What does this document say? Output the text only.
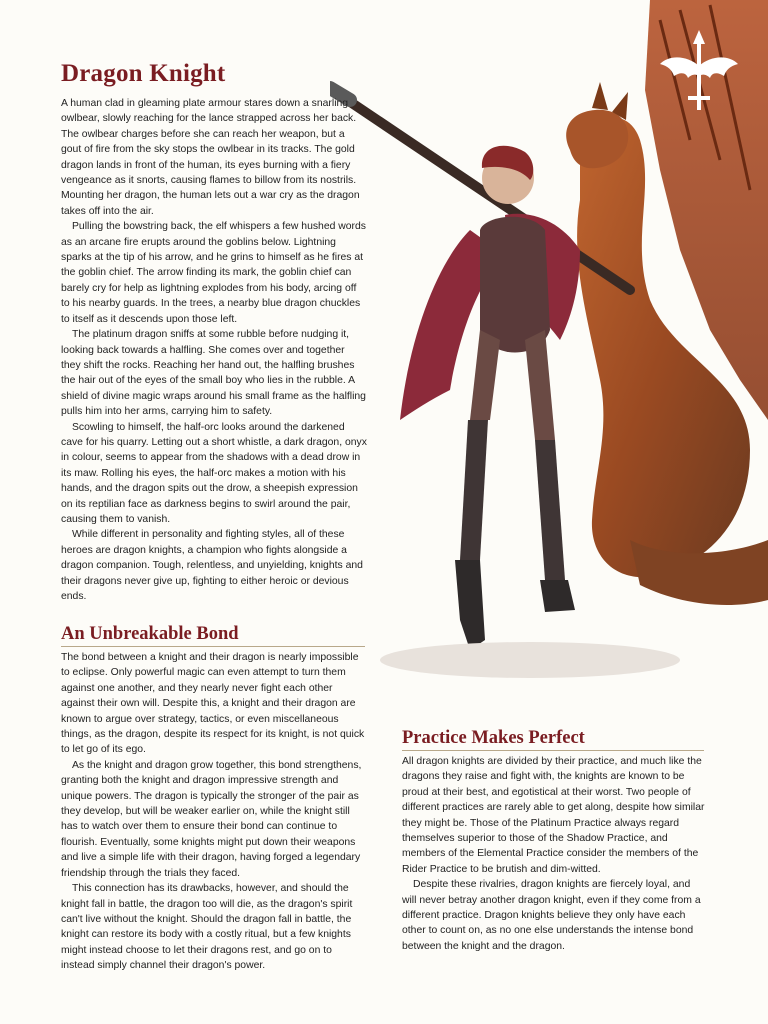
Dragon Knight

A human clad in gleaming plate armour stares down a snarling owlbear, slowly reaching for the lance strapped across her back. The owlbear charges before she can reach her weapon, but a gout of fire from the sky stops the owlbear in its tracks. The gold dragon lands in front of the human, its eyes burning with a fiery vengeance as it snorts, causing flames to billow from its nostrils. Mounting her dragon, the human lets out a war cry as the dragon takes off into the air.

Pulling the bowstring back, the elf whispers a few hushed words as an arcane fire erupts around the goblins below. Lightning sparks at the tip of his arrow, and he grins to himself as he fires at the goblin chief. The arrow finding its mark, the goblin chief can barely cry for help as lightning explodes from his body, arcing off to his nearby guards. In the trees, a nearby blue dragon chuckles to itself as it descends upon those left.

The platinum dragon sniffs at some rubble before nudging it, looking back towards a halfling. She comes over and together they shift the rocks. Reaching her hand out, the halfling brushes the hair out of the eyes of the small boy who lies in the rubble. A shield of divine magic wraps around his small frame as the halfling pulls him into her arms, carrying him to safety.

Scowling to himself, the half-orc looks around the darkened cave for his quarry. Letting out a short whistle, a dark dragon, onyx in colour, seems to appear from the shadows with a dead drow in its maw. Rolling his eyes, the half-orc makes a motion with his hands, and the dragon spits out the drow, a sheepish expression on its reptilian face as darkness begins to swirl around the pair, causing them to vanish.

While different in personality and fighting styles, all of these heroes are dragon knights, a champion who fights alongside a dragon companion. Tough, relentless, and unyielding, knights and their dragons never give up, fighting to either heroic or devious ends.

An Unbreakable Bond

The bond between a knight and their dragon is nearly impossible to eclipse. Only powerful magic can even attempt to turn them against one another, and they nearly never fight each other against their own will. Despite this, a knight and their dragon are known to argue over strategy, tactics, or even miscellaneous things, as the dragon, despite its respect for its knight, is not quick to let go of its ego.

As the knight and dragon grow together, this bond strengthens, granting both the knight and dragon impressive strength and unique powers. The dragon is typically the stronger of the pair as they develop, but will be weaker earlier on, while the knight still has to watch over them to ensure their bond can continue to flourish. Eventually, some knights might put down their weapons and live a simple life with their dragon, having forged a legendary friendship through the trials they faced.

This connection has its drawbacks, however, and should the knight fall in battle, the dragon too will die, as the dragon's spirit can't live without the knight. Should the dragon fall in battle, the knight can restore its body with a costly ritual, but a few knights might instead choose to let their dragons rest, and go on to instead simply channel their dragon's power.

Practice Makes Perfect

All dragon knights are divided by their practice, and much like the dragons they raise and fight with, the knights are known to be proud at their best, and egotistical at their worst. Two people of different practices are rarely able to get along, despite how similar they might be. Those of the Platinum Practice always regard themselves superior to those of the Shadow Practice, and members of the Elemental Practice consider the members of the Rider Practice to be brutish and dim-witted.

Despite these rivalries, dragon knights are fiercely loyal, and will never betray another dragon knight, even if they come from a different practice. Dragon knights believe they only have each other to count on, as no one else understands the intense bond between the knight and the dragon.
